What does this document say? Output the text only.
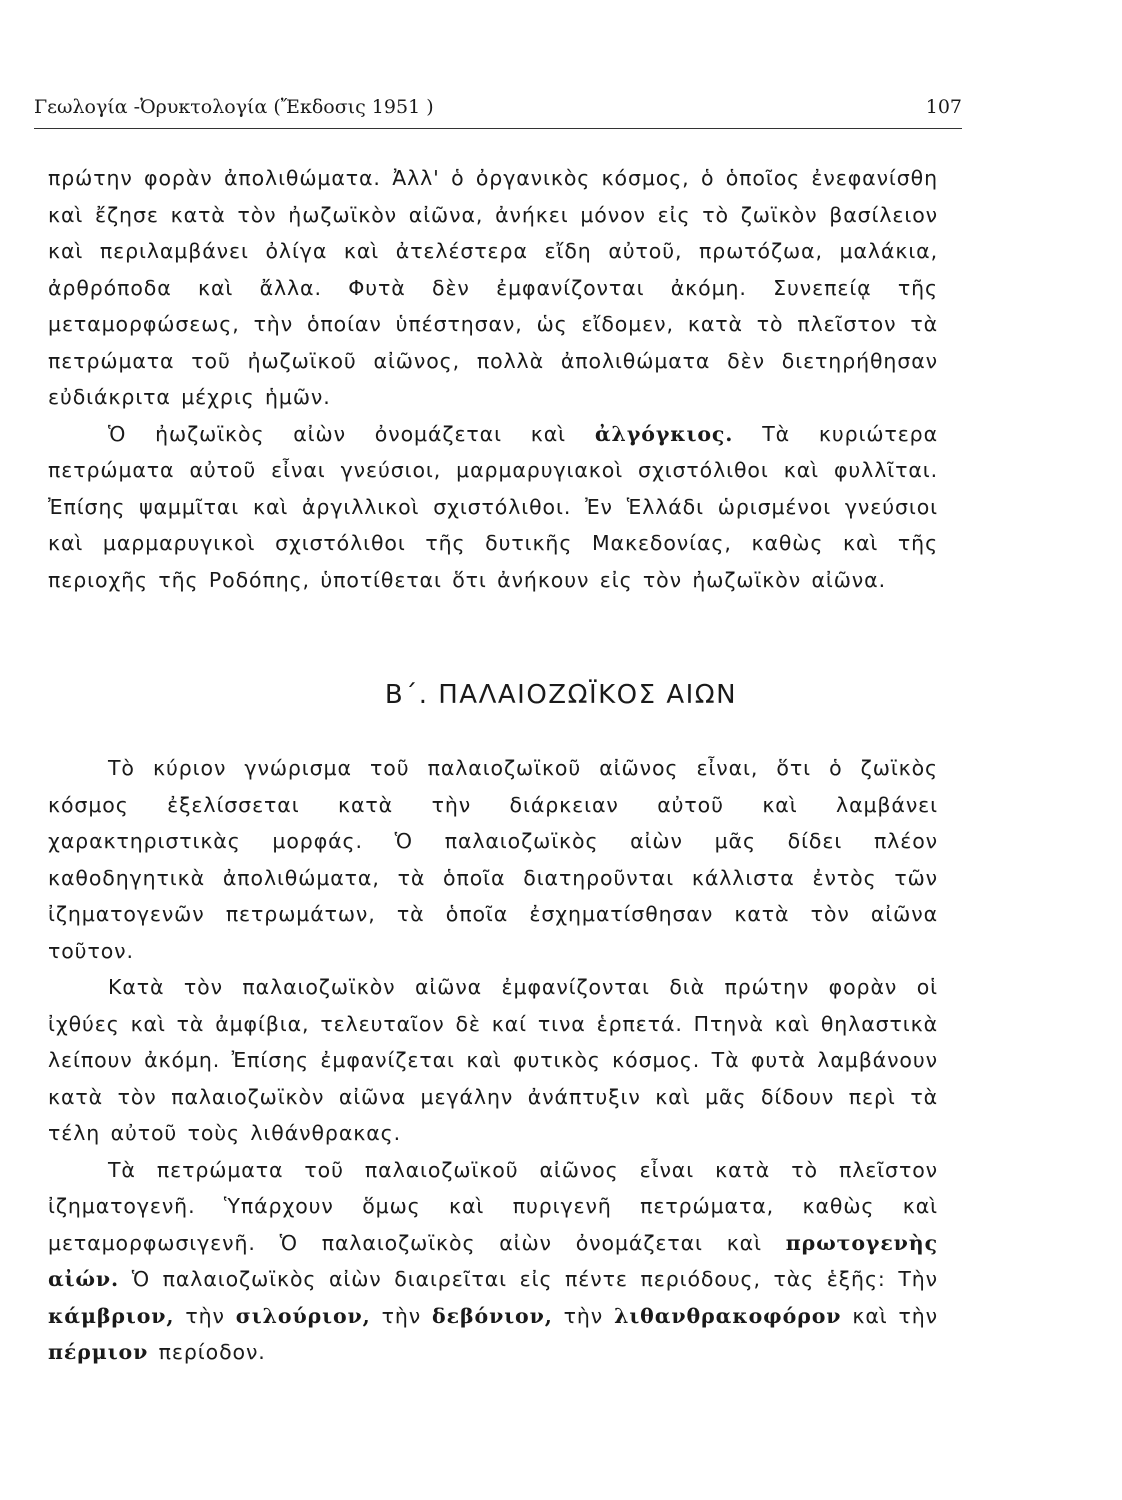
Γεωλογία -Ὀρυκτολογία (Ἔκδοσις 1951 )	107

πρώτην φορὰν ἀπολιθώματα. Ἀλλ' ὁ ὀργανικὸς κόσμος, ὁ ὁποῖος ἐνεφανίσθη καὶ ἔζησε κατὰ τὸν ἠωζωϊκὸν αἰῶνα, ἀνήκει μόνον εἰς τὸ ζωϊκὸν βασίλειον καὶ περιλαμβάνει ὀλίγα καὶ ἀτελέστερα εἴδη αὐτοῦ, πρωτόζωα, μαλάκια, ἀρθρόποδα καὶ ἄλλα. Φυτὰ δὲν ἐμφανίζονται ἀκόμη. Συνεπείᾳ τῆς μεταμορφώσεως, τὴν ὁποίαν ὑπέστησαν, ὡς εἴδομεν, κατὰ τὸ πλεῖστον τὰ πετρώματα τοῦ ἠωζωϊκοῦ αἰῶνος, πολλὰ ἀπολιθώματα δὲν διετηρήθησαν εὐδιάκριτα μέχρις ἡμῶν.

Ὁ ἠωζωϊκὸς αἰὼν ὀνομάζεται καὶ ἀλγόγκιος. Τὰ κυριώτερα πετρώματα αὐτοῦ εἶναι γνεύσιοι, μαρμαρυγιακοὶ σχιστόλιθοι καὶ φυλλῖται. Ἐπίσης ψαμμῖται καὶ ἀργιλλικοὶ σχιστόλιθοι. Ἐν Ἑλλάδι ὡρισμένοι γνεύσιοι καὶ μαρμαρυγικοὶ σχιστόλιθοι τῆς δυτικῆς Μακεδονίας, καθὼς καὶ τῆς περιοχῆς τῆς Ροδόπης, ὑποτίθεται ὅτι ἀνήκουν εἰς τὸν ἠωζωϊκὸν αἰῶνα.

Β΄. ΠΑΛΑΙΟΖΩΪΚΟΣ ΑΙΩΝ

Τὸ κύριον γνώρισμα τοῦ παλαιοζωϊκοῦ αἰῶνος εἶναι, ὅτι ὁ ζωϊκὸς κόσμος ἐξελίσσεται κατὰ τὴν διάρκειαν αὐτοῦ καὶ λαμβάνει χαρακτηριστικὰς μορφάς. Ὁ παλαιοζωϊκὸς αἰὼν μᾶς δίδει πλέον καθοδηγητικὰ ἀπολιθώματα, τὰ ὁποῖα διατηροῦνται κάλλιστα ἐντὸς τῶν ἰζηματογενῶν πετρωμάτων, τὰ ὁποῖα ἐσχηματίσθησαν κατὰ τὸν αἰῶνα τοῦτον.

Κατὰ τὸν παλαιοζωϊκὸν αἰῶνα ἐμφανίζονται διὰ πρώτην φορὰν οἱ ἰχθύες καὶ τὰ ἀμφίβια, τελευταῖον δὲ καί τινα ἑρπετά. Πτηνὰ καὶ θηλαστικὰ λείπουν ἀκόμη. Ἐπίσης ἐμφανίζεται καὶ φυτικὸς κόσμος. Τὰ φυτὰ λαμβάνουν κατὰ τὸν παλαιοζωϊκὸν αἰῶνα μεγάλην ἀνάπτυξιν καὶ μᾶς δίδουν περὶ τὰ τέλη αὐτοῦ τοὺς λιθάνθρακας.

Τὰ πετρώματα τοῦ παλαιοζωϊκοῦ αἰῶνος εἶναι κατὰ τὸ πλεῖστον ἰζηματογενῆ. Ὑπάρχουν ὅμως καὶ πυριγενῆ πετρώματα, καθὼς καὶ μεταμορφωσιγενῆ. Ὁ παλαιοζωϊκὸς αἰὼν ὀνομάζεται καὶ πρωτογενὴς αἰών. Ὁ παλαιοζωϊκὸς αἰὼν διαιρεῖται εἰς πέντε περιόδους, τὰς ἑξῆς: Τὴν κάμβριον, τὴν σιλούριον, τὴν δεβόνιον, τὴν λιθανθρακοφόρον καὶ τὴν πέρμιον περίοδον.
